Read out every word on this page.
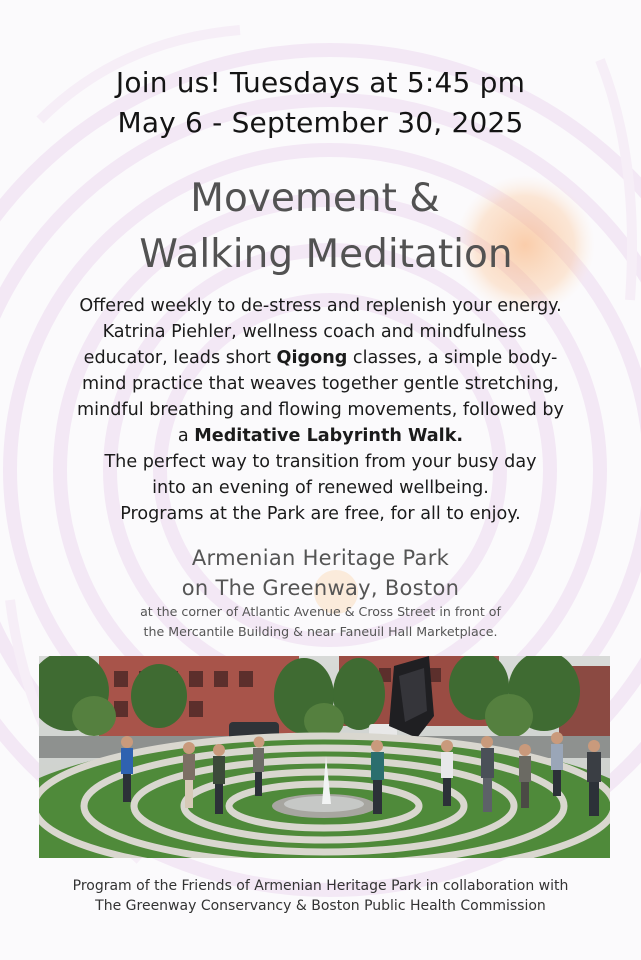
Join us! Tuesdays at 5:45 pm
May 6 - September 30, 2025
Movement &
Walking Meditation
Offered weekly to de-stress and replenish your energy.
Katrina Piehler, wellness coach and mindfulness
educator, leads short Qigong classes, a simple body-
mind practice that weaves together gentle stretching,
mindful breathing and flowing movements, followed by
a Meditative Labyrinth Walk.
The perfect way to transition from your busy day
into an evening of renewed wellbeing.
Programs at the Park are free, for all to enjoy.
Armenian Heritage Park
on The Greenway, Boston
at the corner of Atlantic Avenue & Cross Street in front of
the Mercantile Building & near Faneuil Hall Marketplace.
Program of the Friends of Armenian Heritage Park in collaboration with
The Greenway Conservancy & Boston Public Health Commission
